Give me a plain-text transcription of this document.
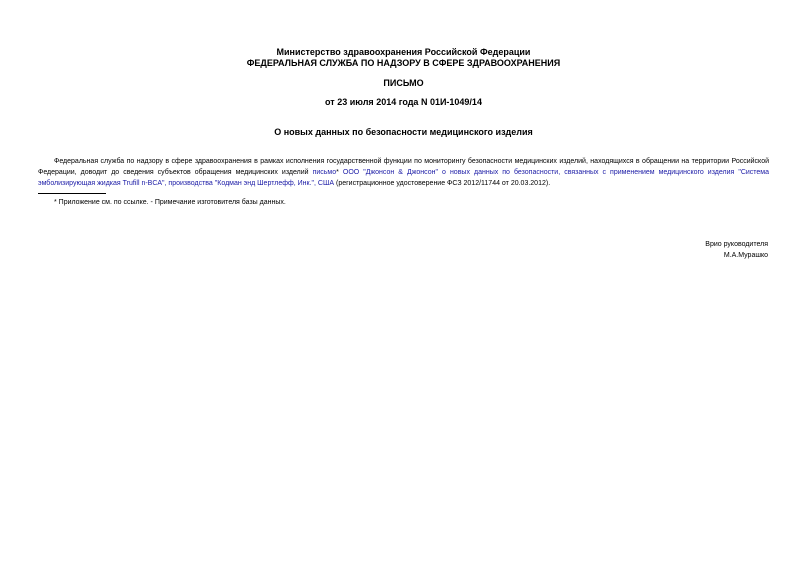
Министерство здравоохранения Российской Федерации
ФЕДЕРАЛЬНАЯ СЛУЖБА ПО НАДЗОРУ В СФЕРЕ ЗДРАВООХРАНЕНИЯ
ПИСЬМО
от 23 июля 2014 года N 01И-1049/14
О новых данных по безопасности медицинского изделия
Федеральная служба по надзору в сфере здравоохранения в рамках исполнения государственной функции по мониторингу безопасности медицинских изделий, находящихся в обращении на территории Российской Федерации, доводит до сведения субъектов обращения медицинских изделий письмо* ООО "Джонсон & Джонсон" о новых данных по безопасности, связанных с применением медицинского изделия "Система эмболизирующая жидкая Trufill n-BCA", производства "Кодман энд Шертлефф, Инк.", США (регистрационное удостоверение ФСЗ 2012/11744 от 20.03.2012).
* Приложение см. по ссылке. - Примечание изготовителя базы данных.
Врио руководителя
М.А.Мурашко
